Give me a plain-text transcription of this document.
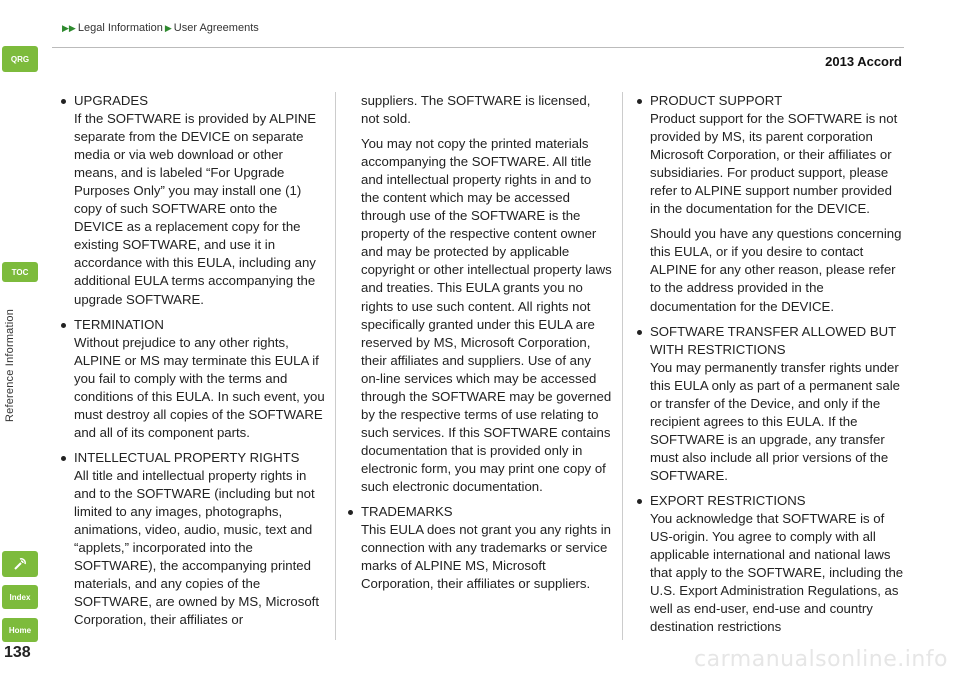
QRG
TOC
Reference Information
Index
Home
138
▶▶ Legal Information ▶ User Agreements
2013 Accord
UPGRADES
If the SOFTWARE is provided by ALPINE separate from the DEVICE on separate media or via web download or other means, and is labeled “For Upgrade Purposes Only” you may install one (1) copy of such SOFTWARE onto the DEVICE as a replacement copy for the existing SOFTWARE, and use it in accordance with this EULA, including any additional EULA terms accompanying the upgrade SOFTWARE.
TERMINATION
Without prejudice to any other rights, ALPINE or MS may terminate this EULA if you fail to comply with the terms and conditions of this EULA. In such event, you must destroy all copies of the SOFTWARE and all of its component parts.
INTELLECTUAL PROPERTY RIGHTS
All title and intellectual property rights in and to the SOFTWARE (including but not limited to any images, photographs, animations, video, audio, music, text and “applets,” incorporated into the SOFTWARE), the accompanying printed materials, and any copies of the SOFTWARE, are owned by MS, Microsoft Corporation, their affiliates or
suppliers. The SOFTWARE is licensed, not sold.
You may not copy the printed materials accompanying the SOFTWARE. All title and intellectual property rights in and to the content which may be accessed through use of the SOFTWARE is the property of the respective content owner and may be protected by applicable copyright or other intellectual property laws and treaties. This EULA grants you no rights to use such content. All rights not specifically granted under this EULA are reserved by MS, Microsoft Corporation, their affiliates and suppliers. Use of any on-line services which may be accessed through the SOFTWARE may be governed by the respective terms of use relating to such services. If this SOFTWARE contains documentation that is provided only in electronic form, you may print one copy of such electronic documentation.
TRADEMARKS
This EULA does not grant you any rights in connection with any trademarks or service marks of ALPINE MS, Microsoft Corporation, their affiliates or suppliers.
PRODUCT SUPPORT
Product support for the SOFTWARE is not provided by MS, its parent corporation Microsoft Corporation, or their affiliates or subsidiaries. For product support, please refer to ALPINE support number provided in the documentation for the DEVICE.
Should you have any questions concerning this EULA, or if you desire to contact ALPINE for any other reason, please refer to the address provided in the documentation for the DEVICE.
SOFTWARE TRANSFER ALLOWED BUT WITH RESTRICTIONS
You may permanently transfer rights under this EULA only as part of a permanent sale or transfer of the Device, and only if the recipient agrees to this EULA. If the SOFTWARE is an upgrade, any transfer must also include all prior versions of the SOFTWARE.
EXPORT RESTRICTIONS
You acknowledge that SOFTWARE is of US-origin. You agree to comply with all applicable international and national laws that apply to the SOFTWARE, including the U.S. Export Administration Regulations, as well as end-user, end-use and country destination restrictions
carmanualsonline.info
